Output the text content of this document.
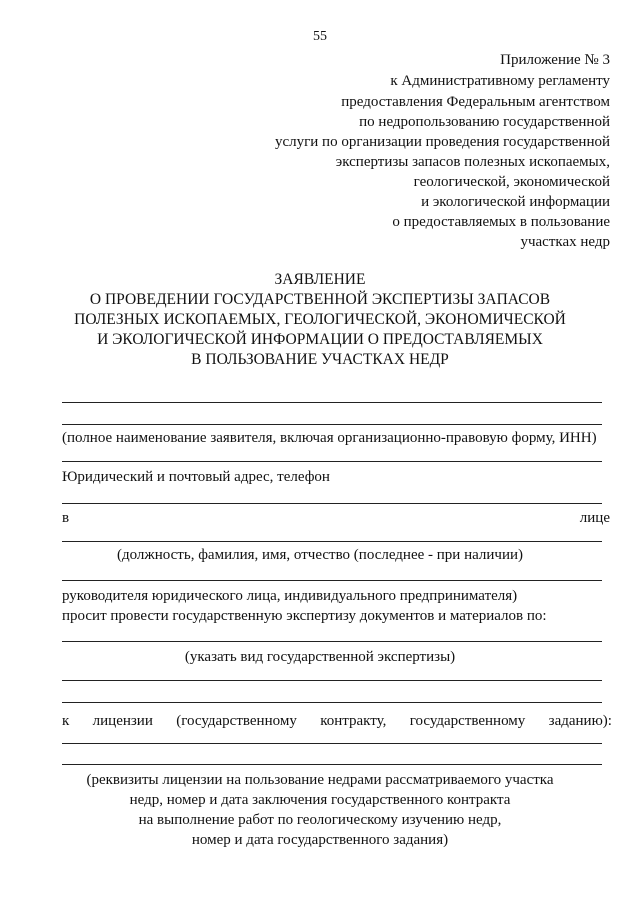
55
Приложение № 3
к Административному регламенту
предоставления Федеральным агентством
по недропользованию государственной
услуги по организации проведения государственной
экспертизы запасов полезных ископаемых,
геологической, экономической
и экологической информации
о предоставляемых в пользование
участках недр
ЗАЯВЛЕНИЕ
О ПРОВЕДЕНИИ ГОСУДАРСТВЕННОЙ ЭКСПЕРТИЗЫ ЗАПАСОВ
ПОЛЕЗНЫХ ИСКОПАЕМЫХ, ГЕОЛОГИЧЕСКОЙ, ЭКОНОМИЧЕСКОЙ
И ЭКОЛОГИЧЕСКОЙ ИНФОРМАЦИИ О ПРЕДОСТАВЛЯЕМЫХ
В ПОЛЬЗОВАНИЕ УЧАСТКАХ НЕДР
(полное наименование заявителя, включая организационно-правовую форму, ИНН)
Юридический и почтовый адрес, телефон
в	лице
(должность, фамилия, имя, отчество (последнее - при наличии)
руководителя юридического лица, индивидуального предпринимателя)
просит провести государственную экспертизу документов и материалов по:
(указать вид государственной экспертизы)
к лицензии (государственному контракту, государственному заданию):
(реквизиты лицензии на пользование недрами рассматриваемого участка
недр, номер и дата заключения государственного контракта
на выполнение работ по геологическому изучению недр,
номер и дата государственного задания)
